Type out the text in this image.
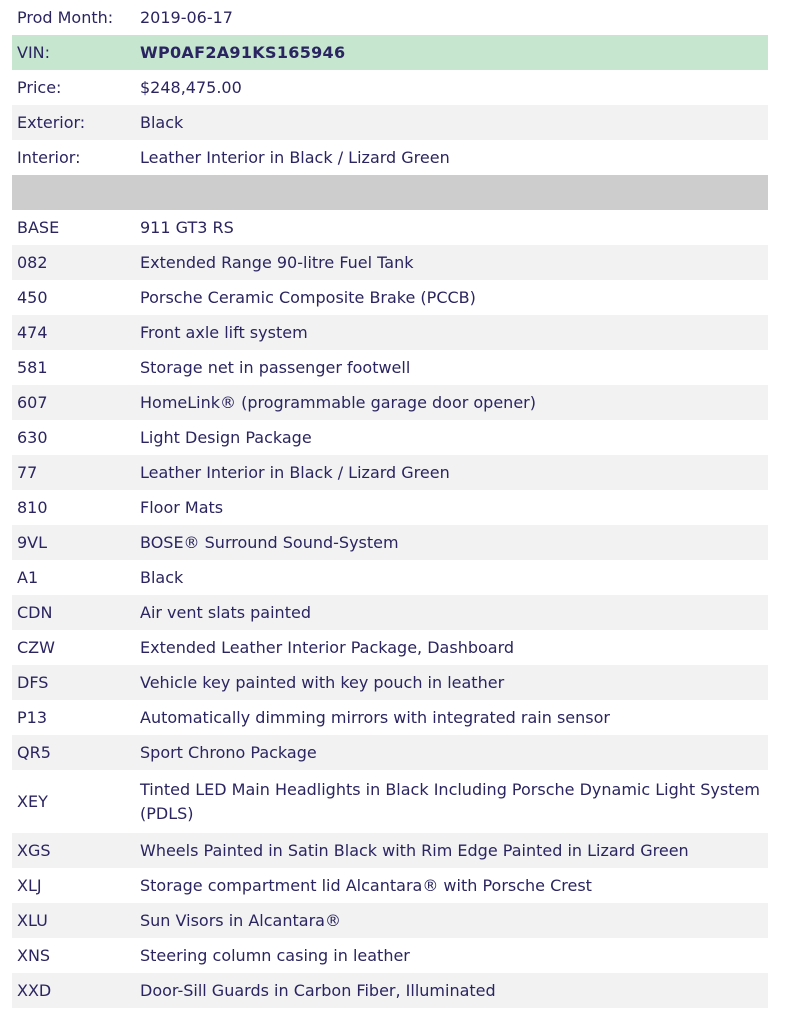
Prod Month:	2019-06-17
VIN:	WP0AF2A91KS165946
Price:	$248,475.00
Exterior:	Black
Interior:	Leather Interior in Black / Lizard Green

BASE	911 GT3 RS
082	Extended Range 90-litre Fuel Tank
450	Porsche Ceramic Composite Brake (PCCB)
474	Front axle lift system
581	Storage net in passenger footwell
607	HomeLink® (programmable garage door opener)
630	Light Design Package
77	Leather Interior in Black / Lizard Green
810	Floor Mats
9VL	BOSE® Surround Sound-System
A1	Black
CDN	Air vent slats painted
CZW	Extended Leather Interior Package, Dashboard
DFS	Vehicle key painted with key pouch in leather
P13	Automatically dimming mirrors with integrated rain sensor
QR5	Sport Chrono Package
XEY	Tinted LED Main Headlights in Black Including Porsche Dynamic Light System (PDLS)
XGS	Wheels Painted in Satin Black with Rim Edge Painted in Lizard Green
XLJ	Storage compartment lid Alcantara® with Porsche Crest
XLU	Sun Visors in Alcantara®
XNS	Steering column casing in leather
XXD	Door-Sill Guards in Carbon Fiber, Illuminated
